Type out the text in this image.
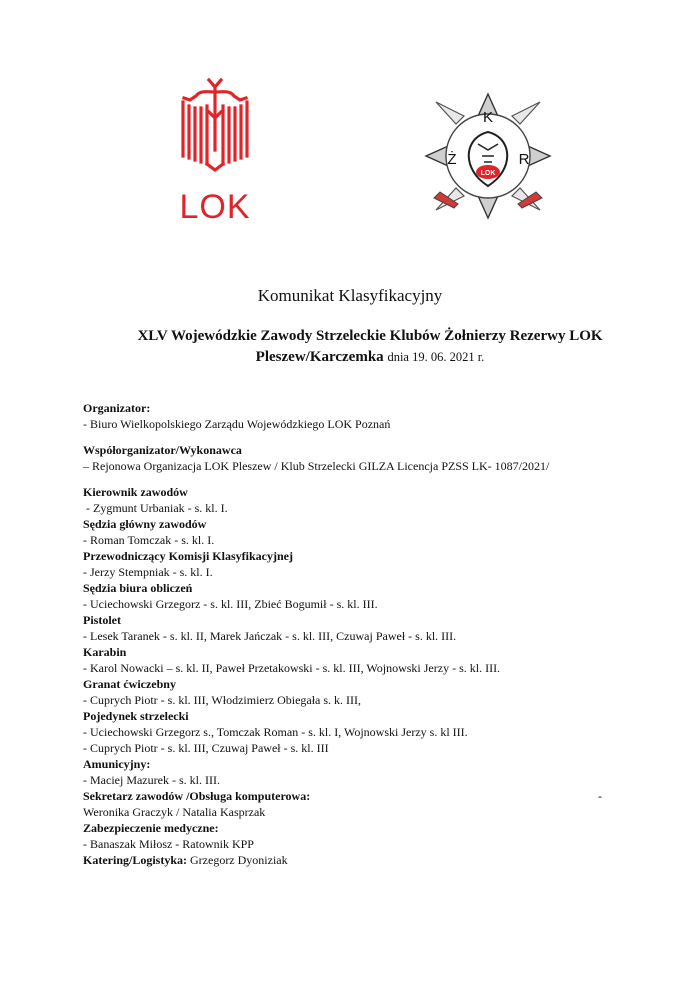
LOK
LOK
K
Ż	R
Komunikat Klasyfikacyjny
XLV Wojewódzkie Zawody Strzeleckie Klubów Żołnierzy Rezerwy LOK
Pleszew/Karczemka dnia 19. 06. 2021 r.
Organizator:
- Biuro Wielkopolskiego Zarządu Wojewódzkiego LOK Poznań
Współorganizator/Wykonawca
– Rejonowa Organizacja LOK Pleszew / Klub Strzelecki GILZA Licencja PZSS LK- 1087/2021/
Kierownik zawodów
- Zygmunt Urbaniak - s. kl. I.
Sędzia główny zawodów
- Roman Tomczak - s. kl. I.
Przewodniczący Komisji Klasyfikacyjnej
- Jerzy Stempniak - s. kl. I.
Sędzia biura obliczeń
- Uciechowski Grzegorz - s. kl. III, Zbieć Bogumił - s. kl. III.
Pistolet
- Lesek Taranek - s. kl. II, Marek Jańczak - s. kl. III, Czuwaj Paweł - s. kl. III.
Karabin
- Karol Nowacki – s. kl. II, Paweł Przetakowski - s. kl. III, Wojnowski Jerzy - s. kl. III.
Granat ćwiczebny
- Cuprych Piotr - s. kl. III, Włodzimierz Obiegała s. k. III,
Pojedynek strzelecki
- Uciechowski Grzegorz s., Tomczak Roman - s. kl. I, Wojnowski Jerzy s. kl III.
- Cuprych Piotr - s. kl. III, Czuwaj Paweł - s. kl. III
Amunicyjny:
- Maciej Mazurek - s. kl. III.
Sekretarz zawodów /Obsługa komputerowa:	-
Weronika Graczyk / Natalia Kasprzak
Zabezpieczenie medyczne:
- Banaszak Miłosz - Ratownik KPP
Katering/Logistyka: Grzegorz Dyoniziak
